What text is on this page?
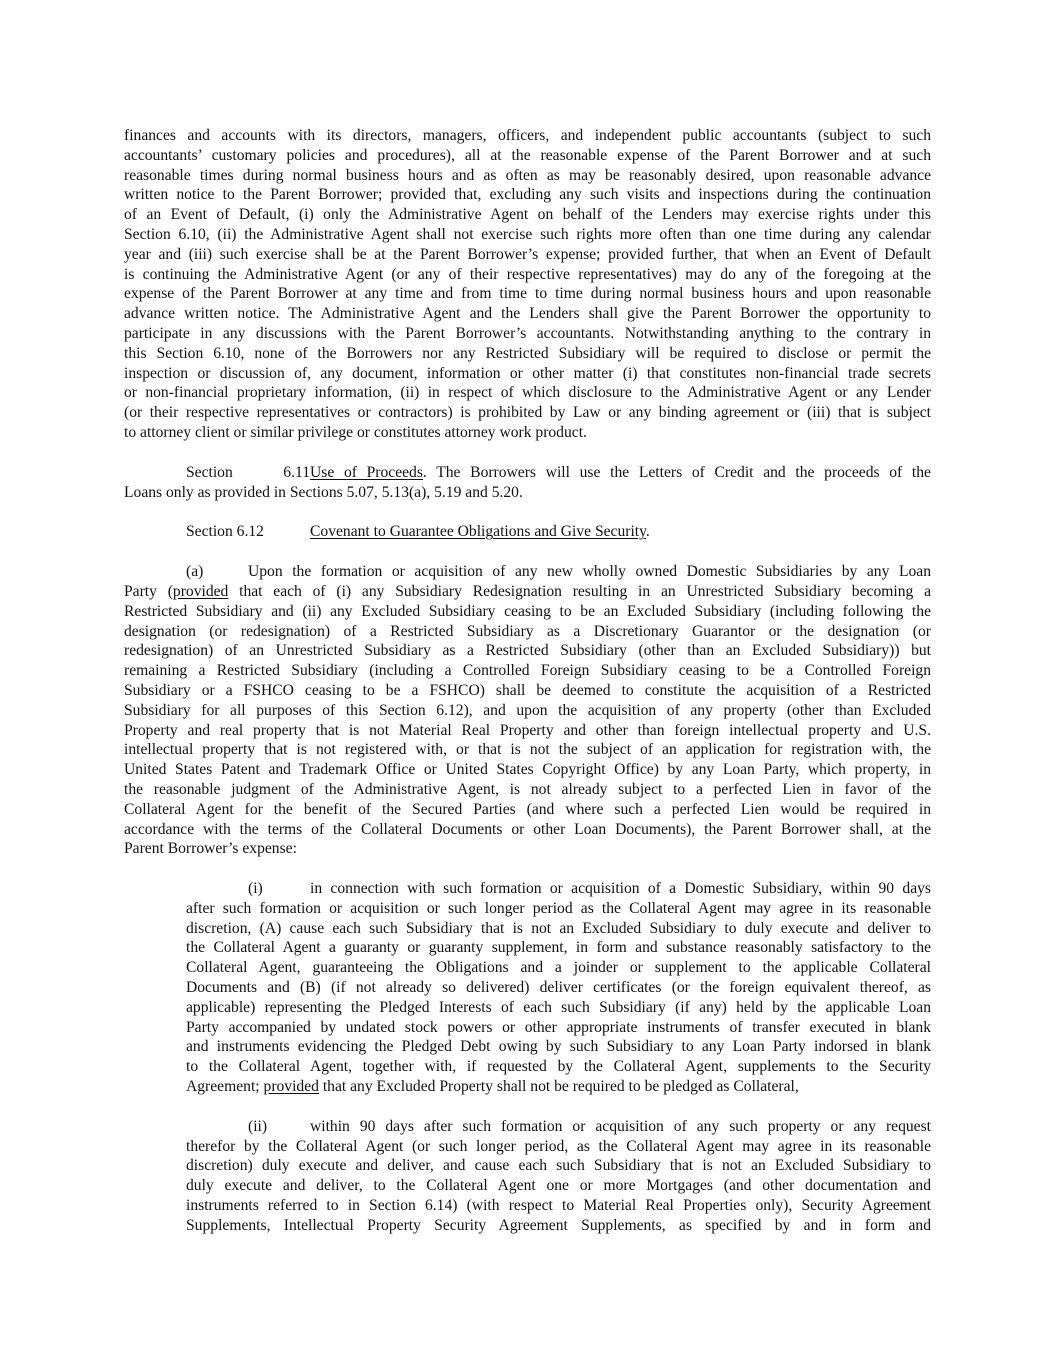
finances and accounts with its directors, managers, officers, and independent public accountants (subject to such
accountants’ customary policies and procedures), all at the reasonable expense of the Parent Borrower and at such
reasonable times during normal business hours and as often as may be reasonably desired, upon reasonable advance
written notice to the Parent Borrower; provided that, excluding any such visits and inspections during the continuation
of an Event of Default, (i) only the Administrative Agent on behalf of the Lenders may exercise rights under this
Section 6.10, (ii) the Administrative Agent shall not exercise such rights more often than one time during any calendar
year and (iii) such exercise shall be at the Parent Borrower’s expense; provided further, that when an Event of Default
is continuing the Administrative Agent (or any of their respective representatives) may do any of the foregoing at the
expense of the Parent Borrower at any time and from time to time during normal business hours and upon reasonable
advance written notice. The Administrative Agent and the Lenders shall give the Parent Borrower the opportunity to
participate in any discussions with the Parent Borrower’s accountants. Notwithstanding anything to the contrary in
this Section 6.10, none of the Borrowers nor any Restricted Subsidiary will be required to disclose or permit the
inspection or discussion of, any document, information or other matter (i) that constitutes non-financial trade secrets
or non-financial proprietary information, (ii) in respect of which disclosure to the Administrative Agent or any Lender
(or their respective representatives or contractors) is prohibited by Law or any binding agreement or (iii) that is subject
to attorney client or similar privilege or constitutes attorney work product.
Section 6.11Use of Proceeds. The Borrowers will use the Letters of Credit and the proceeds of the
Loans only as provided in Sections 5.07, 5.13(a), 5.19 and 5.20.
Section 6.12	Covenant to Guarantee Obligations and Give Security.
(a)	Upon the formation or acquisition of any new wholly owned Domestic Subsidiaries by any Loan
Party (provided that each of (i) any Subsidiary Redesignation resulting in an Unrestricted Subsidiary becoming a
Restricted Subsidiary and (ii) any Excluded Subsidiary ceasing to be an Excluded Subsidiary (including following the
designation (or redesignation) of a Restricted Subsidiary as a Discretionary Guarantor or the designation (or
redesignation) of an Unrestricted Subsidiary as a Restricted Subsidiary (other than an Excluded Subsidiary)) but
remaining a Restricted Subsidiary (including a Controlled Foreign Subsidiary ceasing to be a Controlled Foreign
Subsidiary or a FSHCO ceasing to be a FSHCO) shall be deemed to constitute the acquisition of a Restricted
Subsidiary for all purposes of this Section 6.12), and upon the acquisition of any property (other than Excluded
Property and real property that is not Material Real Property and other than foreign intellectual property and U.S.
intellectual property that is not registered with, or that is not the subject of an application for registration with, the
United States Patent and Trademark Office or United States Copyright Office) by any Loan Party, which property, in
the reasonable judgment of the Administrative Agent, is not already subject to a perfected Lien in favor of the
Collateral Agent for the benefit of the Secured Parties (and where such a perfected Lien would be required in
accordance with the terms of the Collateral Documents or other Loan Documents), the Parent Borrower shall, at the
Parent Borrower’s expense:
(i)	in connection with such formation or acquisition of a Domestic Subsidiary, within 90 days
after such formation or acquisition or such longer period as the Collateral Agent may agree in its reasonable
discretion, (A) cause each such Subsidiary that is not an Excluded Subsidiary to duly execute and deliver to
the Collateral Agent a guaranty or guaranty supplement, in form and substance reasonably satisfactory to the
Collateral Agent, guaranteeing the Obligations and a joinder or supplement to the applicable Collateral
Documents and (B) (if not already so delivered) deliver certificates (or the foreign equivalent thereof, as
applicable) representing the Pledged Interests of each such Subsidiary (if any) held by the applicable Loan
Party accompanied by undated stock powers or other appropriate instruments of transfer executed in blank
and instruments evidencing the Pledged Debt owing by such Subsidiary to any Loan Party indorsed in blank
to the Collateral Agent, together with, if requested by the Collateral Agent, supplements to the Security
Agreement; provided that any Excluded Property shall not be required to be pledged as Collateral,
(ii)	within 90 days after such formation or acquisition of any such property or any request
therefor by the Collateral Agent (or such longer period, as the Collateral Agent may agree in its reasonable
discretion) duly execute and deliver, and cause each such Subsidiary that is not an Excluded Subsidiary to
duly execute and deliver, to the Collateral Agent one or more Mortgages (and other documentation and
instruments referred to in Section 6.14) (with respect to Material Real Properties only), Security Agreement
Supplements, Intellectual Property Security Agreement Supplements, as specified by and in form and
